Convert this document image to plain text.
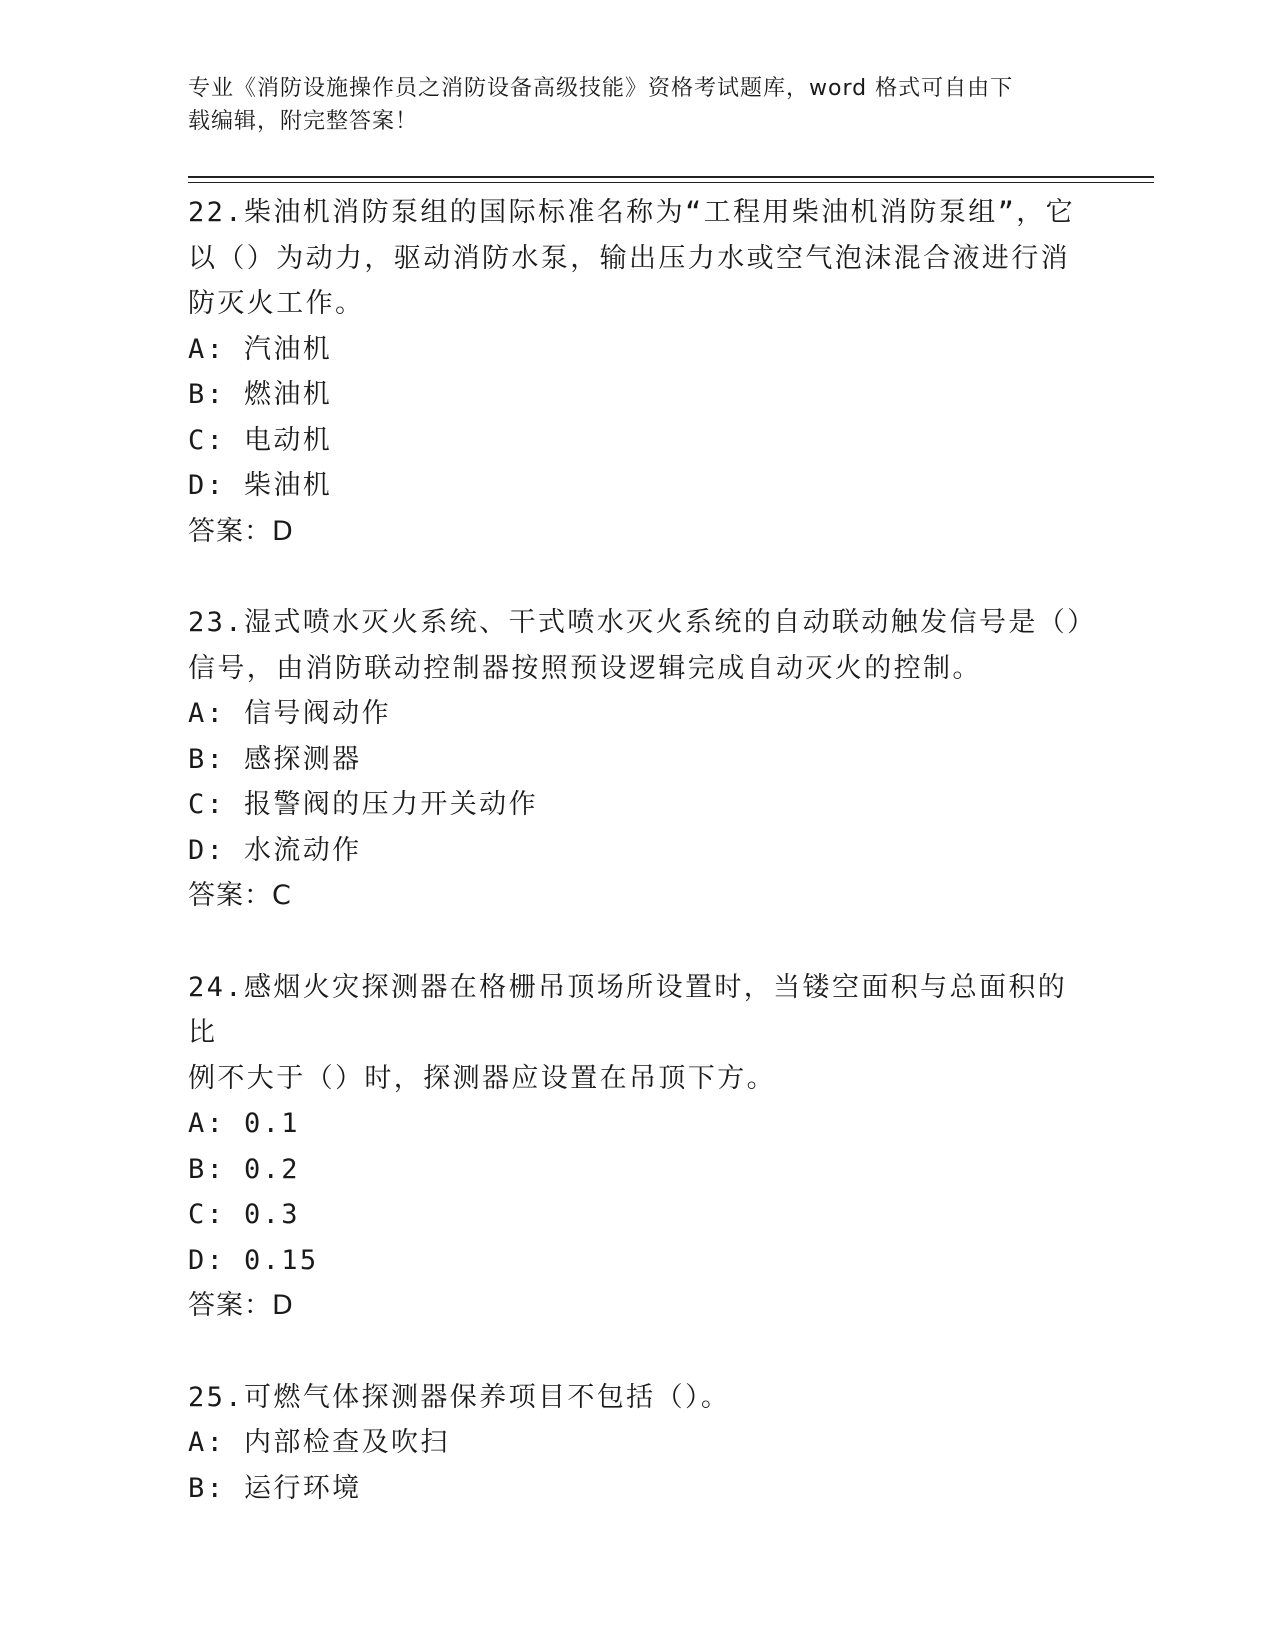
专业《消防设施操作员之消防设备高级技能》资格考试题库，word 格式可自由下
载编辑，附完整答案！
22.柴油机消防泵组的国际标准名称为“工程用柴油机消防泵组”，它
以（）为动力，驱动消防水泵，输出压力水或空气泡沫混合液进行消
防灭火工作。
A: 汽油机
B: 燃油机
C: 电动机
D: 柴油机
答案：D
23.湿式喷水灭火系统、干式喷水灭火系统的自动联动触发信号是（）
信号，由消防联动控制器按照预设逻辑完成自动灭火的控制。
A: 信号阀动作
B: 感探测器
C: 报警阀的压力开关动作
D: 水流动作
答案：C
24.感烟火灾探测器在格栅吊顶场所设置时，当镂空面积与总面积的比
例不大于（）时，探测器应设置在吊顶下方。
A: 0.1
B: 0.2
C: 0.3
D: 0.15
答案：D
25.可燃气体探测器保养项目不包括（）。
A: 内部检查及吹扫
B: 运行环境
